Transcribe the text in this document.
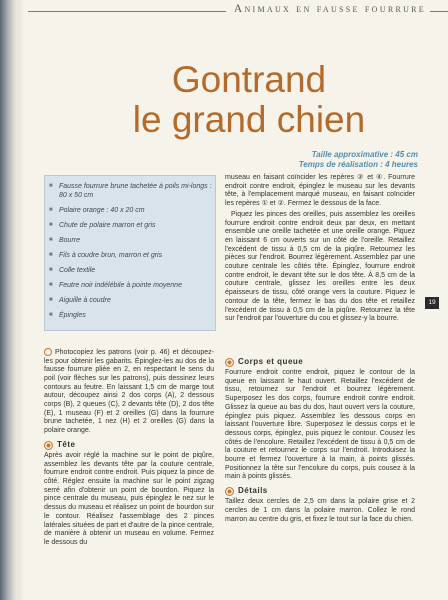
Animaux en fausse fourrure
Gontrand
le grand chien
Taille approximative : 45 cm
Temps de réalisation : 4 heures
■ Fausse fourrure brune tachetée à poils mi-longs : 80 x 50 cm
■ Polaire orange : 40 x 20 cm
■ Chute de polaire marron et gris
■ Bourre
■ Fils à coudre brun, marron et gris
■ Colle textile
■ Feutre noir indélébile à pointe moyenne
■ Aiguille à coudre
■ Épingles

museau en faisant coïncider les repères ③ et ④. Fourrure endroit contre endroit, épinglez le museau sur les devants tête, à l'emplacement marqué museau, en faisant coïncider les repères ① et ②. Fermez le dessous de la face.

Piquez les pinces des oreilles, puis assemblez les oreilles fourrure endroit contre endroit deux par deux, en mettant ensemble une oreille tachetée et une oreille orange. Piquez en laissant 6 cm ouverts sur un côté de l'oreille. Retaillez l'excédent de tissu à 0,5 cm de la piqûre. Retournez les pièces sur l'endroit. Bourrez légèrement. Assemblez par une couture centrale les côtés tête. Épinglez, fourrure endroit contre endroit, le devant tête sur le dos tête. À 8,5 cm de la couture centrale, glissez les oreilles entre les deux épaisseurs de tissu, côté orange vers la couture. Piquez le contour de la tête, fermez le bas du dos tête et retaillez l'excédent de tissu à 0,5 cm de la piqûre. Retournez la tête sur l'endroit par l'ouverture du cou et glissez-y la bourre.

19

Photocopiez les patrons (voir p. 46) et découpez-les pour obtenir les gabarits. Épinglez-les au dos de la fausse fourrure pliée en 2, en respectant le sens du poil (voir flèches sur les patrons), puis dessinez leurs contours au feutre. En laissant 1,5 cm de marge tout autour, découpez ainsi 2 dos corps (A), 2 dessous corps (B), 2 queues (C), 2 devants tête (D), 2 dos tête (E), 1 museau (F) et 2 oreilles (G) dans la fourrure brune tachetée, 1 nez (H) et 2 oreilles (G) dans la polaire orange.

Tête

Après avoir réglé la machine sur le point de piqûre, assemblez les devants tête par la couture centrale, fourrure endroit contre endroit. Puis piquez la pince de côté. Réglez ensuite la machine sur le point zigzag serré afin d'obtenir un point de bourdon. Piquez la pince centrale du museau, puis épinglez le nez sur le dessus du museau et réalisez un point de bourdon sur le contour. Réalisez l'assemblage des 2 pinces latérales situées de part et d'autre de la pince centrale, de manière à obtenir un museau en volume. Fermez le dessous du

Corps et queue

Fourrure endroit contre endroit, piquez le contour de la queue en laissant le haut ouvert. Retaillez l'excédent de tissu, retournez sur l'endroit et bourrez légèrement. Superposez les dos corps, fourrure endroit contre endroit. Glissez la queue au bas du dos, haut ouvert vers la couture, épinglez puis piquez. Assemblez les dessous corps en laissant l'ouverture libre. Superposez le dessus corps et le dessous corps, épinglez, puis piquez le contour. Cousez les côtés de l'encolure. Retaillez l'excédent de tissu à 0,5 cm de la couture et retournez le corps sur l'endroit. Introduisez la bourre et fermez l'ouverture à la main, à points glissés. Positionnez la tête sur l'encolure du corps, puis cousez à la main à points glissés.

Détails

Taillez deux cercles de 2,5 cm dans la polaire grise et 2 cercles de 1 cm dans la polaire marron. Collez le rond marron au centre du gris, et fixez le tout sur la face du chien.
